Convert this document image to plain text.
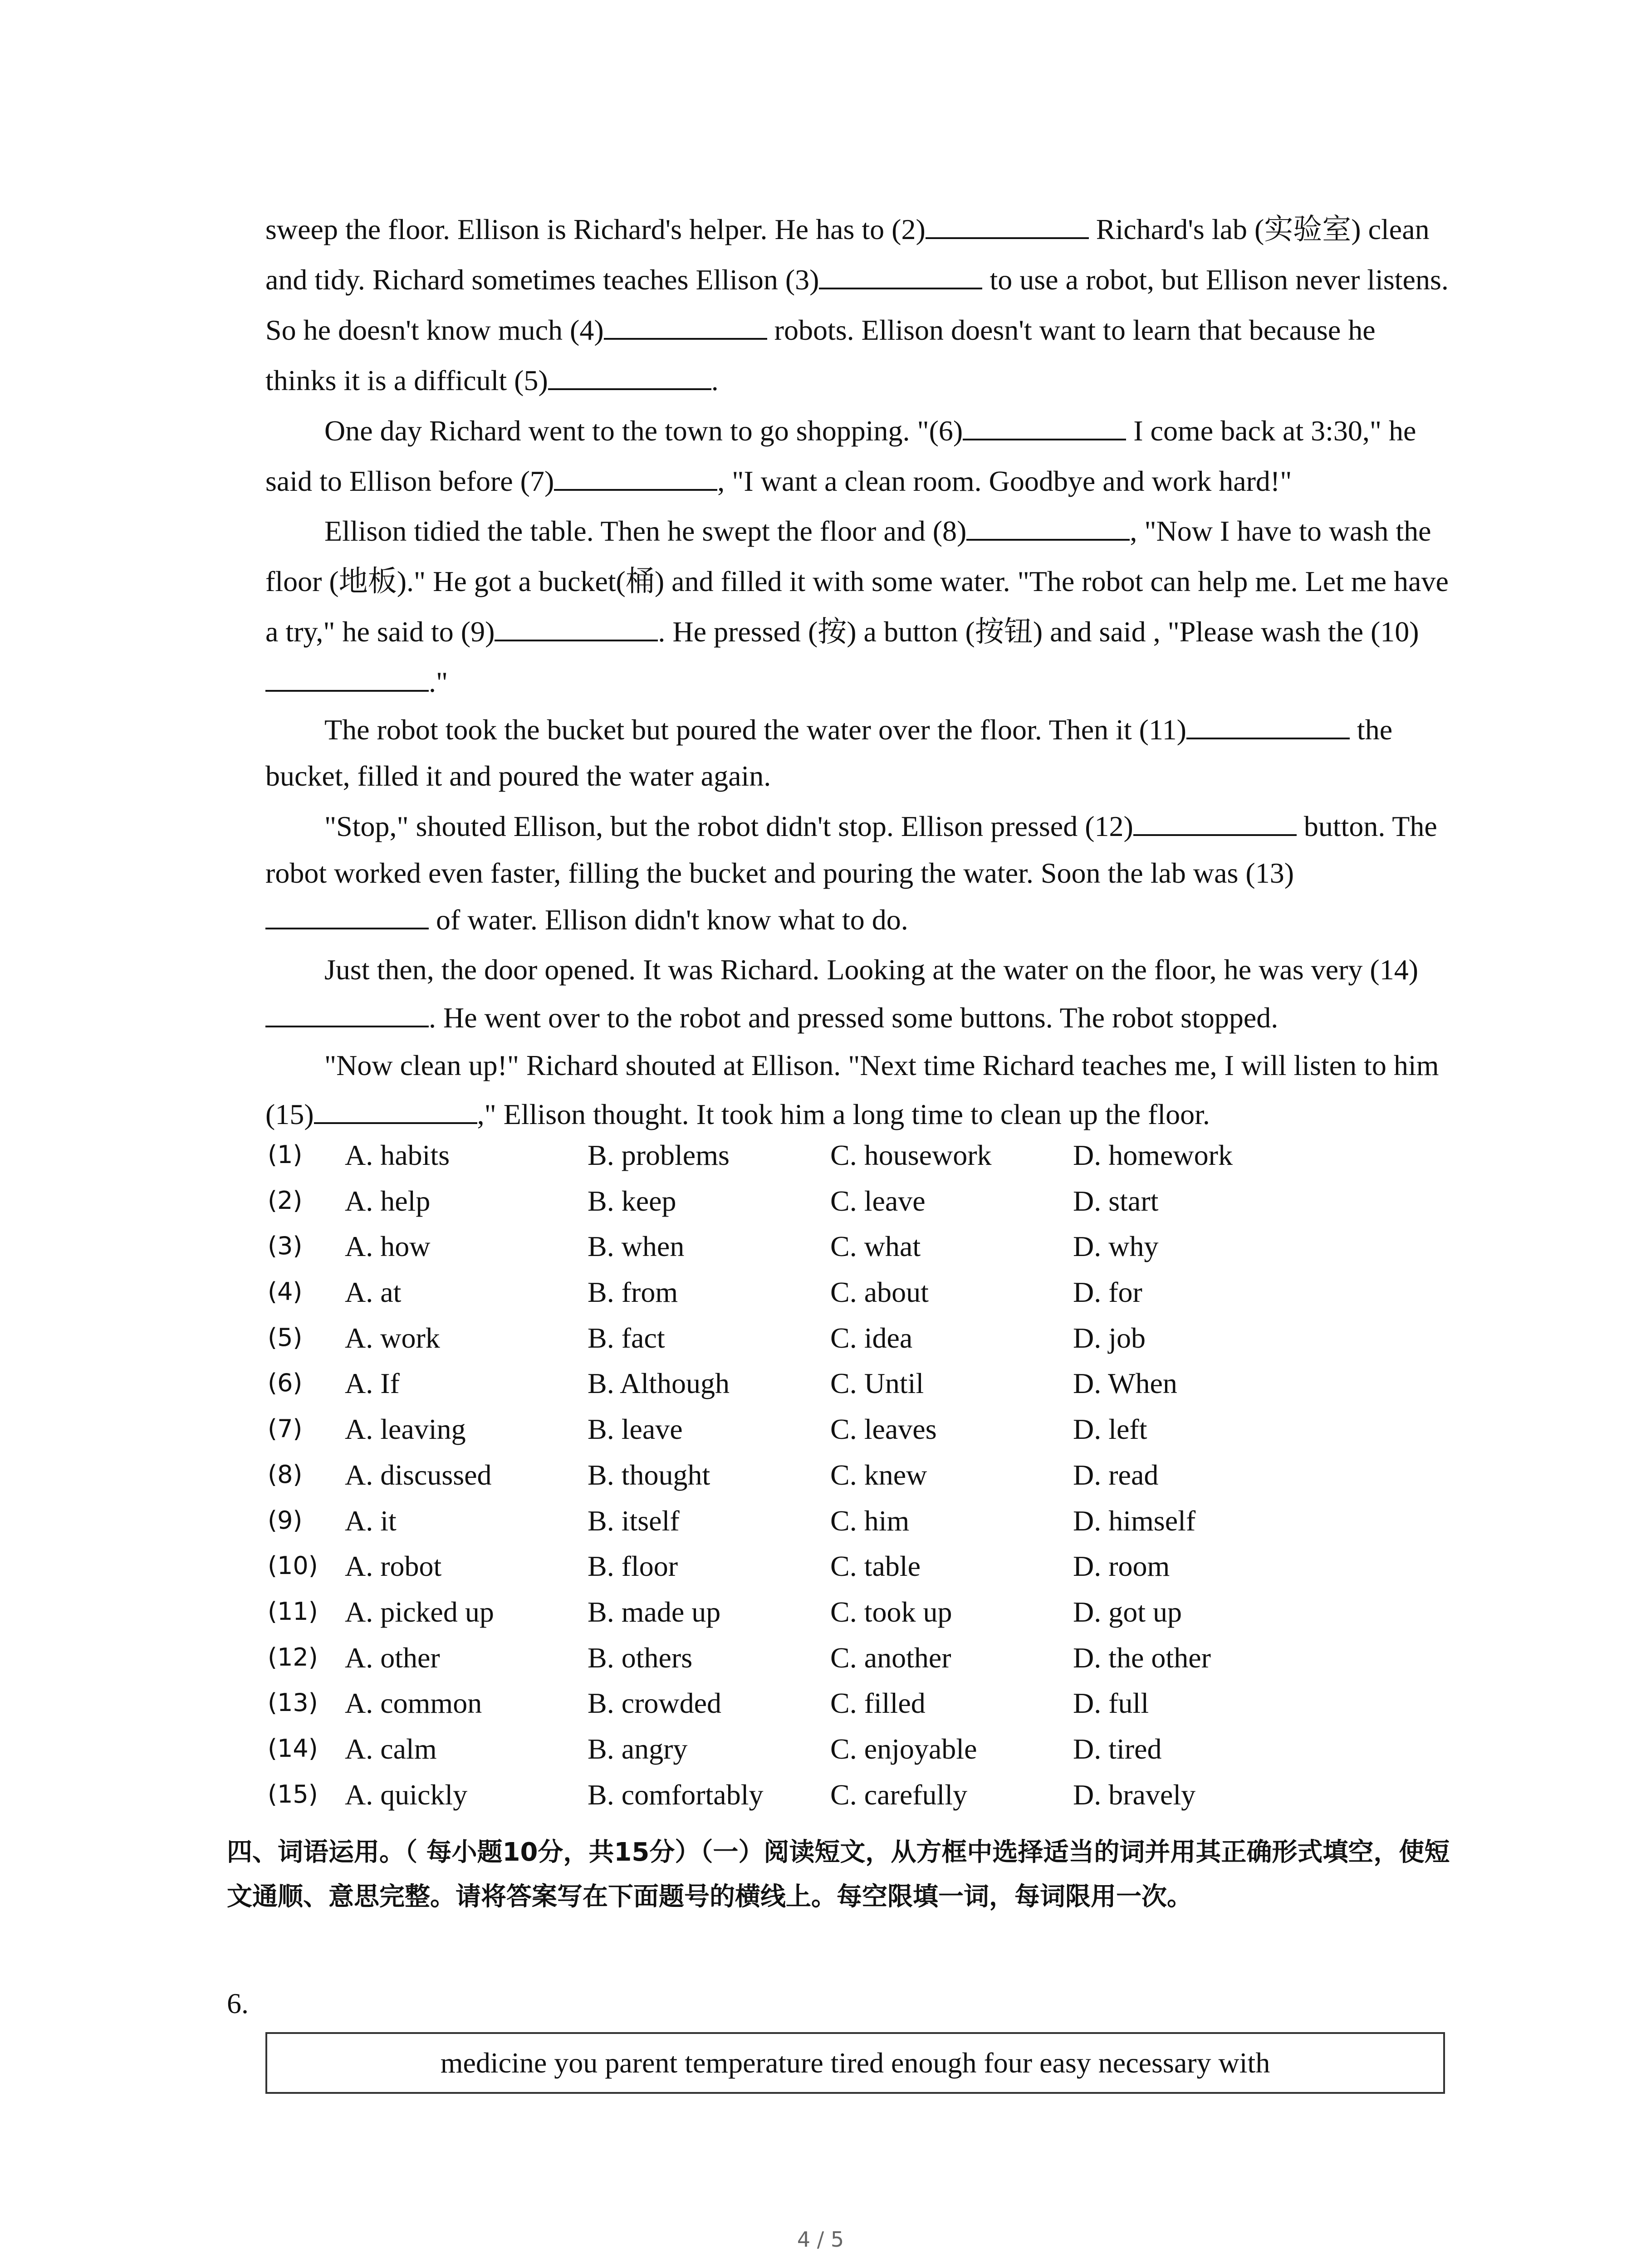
sweep the floor. Ellison is Richard's helper. He has to (2)	Richard's lab (实验室) clean and tidy. Richard sometimes teaches Ellison (3)	to use a robot, but Ellison never listens. So he doesn't know much (4)	robots. Ellison doesn't want to learn that because he thinks it is a difficult (5)	.
One day Richard went to the town to go shopping. "(6)	I come back at 3:30," he said to Ellison before (7)	, "I want a clean room. Goodbye and work hard!"
Ellison tidied the table. Then he swept the floor and (8)	, "Now I have to wash the floor (地板)." He got a bucket(桶) and filled it with some water. "The robot can help me. Let me have a try," he said to (9)	. He pressed (按) a button (按钮) and said , "Please wash the (10)."
The robot took the bucket but poured the water over the floor. Then it (11)	the bucket, filled it and poured the water again.
"Stop," shouted Ellison, but the robot didn't stop. Ellison pressed (12)	button. The robot worked even faster, filling the bucket and pouring the water. Soon the lab was (13) of water. Ellison didn't know what to do.
Just then, the door opened. It was Richard. Looking at the water on the floor, he was very (14). He went over to the robot and pressed some buttons. The robot stopped.
"Now clean up!" Richard shouted at Ellison. "Next time Richard teaches me, I will listen to him (15)	," Ellison thought. It took him a long time to clean up the floor.
(1) A. habits	B. problems	C. housework	D. homework
(2) A. help	B. keep	C. leave	D. start
(3) A. how	B. when	C. what	D. why
(4) A. at	B. from	C. about	D. for
(5) A. work	B. fact	C. idea	D. job
(6) A. If	B. Although	C. Until	D. When
(7) A. leaving	B. leave	C. leaves	D. left
(8) A. discussed	B. thought	C. knew	D. read
(9) A. it	B. itself	C. him	D. himself
(10) A. robot	B. floor	C. table	D. room
(11) A. picked up	B. made up	C. took up	D. got up
(12) A. other	B. others	C. another	D. the other
(13) A. common	B. crowded	C. filled	D. full
(14) A. calm	B. angry	C. enjoyable	D. tired
(15) A. quickly	B. comfortably C. carefully	D. bravely
四、词语运用。（ 每小题10分，共15分）（一）阅读短文，从方框中选择适当的词并用其正确形式填空，使短文通顺、意思完整。请将答案写在下面题号的横线上。每空限填一词，每词限用一次。
6.
medicine you parent temperature tired enough four easy necessary with
4 / 5
